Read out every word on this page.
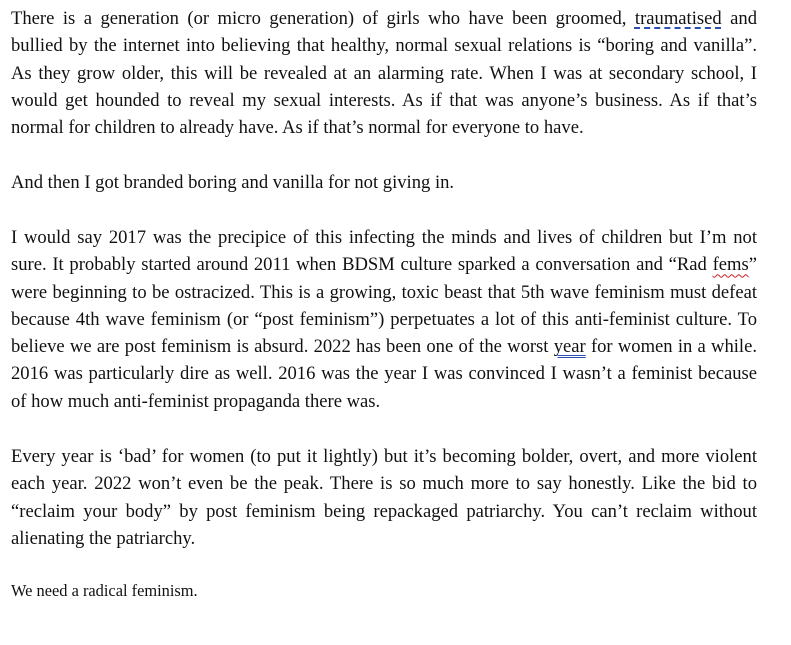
There is a generation (or micro generation) of girls who have been groomed, traumatised and bullied by the internet into believing that healthy, normal sexual relations is “boring and vanilla”. As they grow older, this will be revealed at an alarming rate. When I was at secondary school, I would get hounded to reveal my sexual interests. As if that was anyone’s business. As if that’s normal for children to already have. As if that’s normal for everyone to have.

And then I got branded boring and vanilla for not giving in.

I would say 2017 was the precipice of this infecting the minds and lives of children but I’m not sure. It probably started around 2011 when BDSM culture sparked a conversation and “Rad fems” were beginning to be ostracized. This is a growing, toxic beast that 5th wave feminism must defeat because 4th wave feminism (or “post feminism”) perpetuates a lot of this anti-feminist culture. To believe we are post feminism is absurd. 2022 has been one of the worst year for women in a while. 2016 was particularly dire as well. 2016 was the year I was convinced I wasn’t a feminist because of how much anti-feminist propaganda there was.

Every year is ‘bad’ for women (to put it lightly) but it’s becoming bolder, overt, and more violent each year. 2022 won’t even be the peak. There is so much more to say honestly. Like the bid to “reclaim your body” by post feminism being repackaged patriarchy. You can’t reclaim without alienating the patriarchy.

We need a radical feminism.
